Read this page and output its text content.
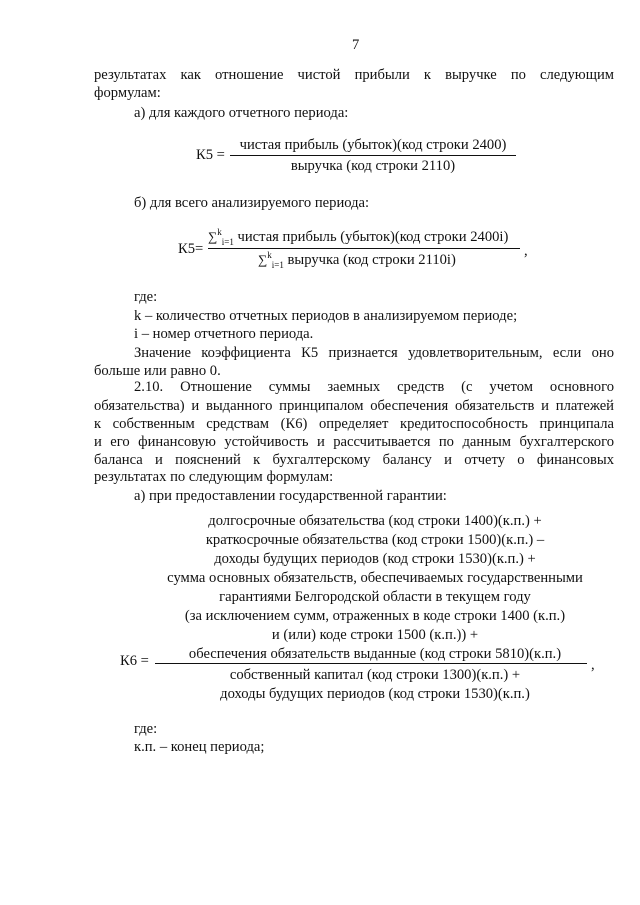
7
результатах как отношение чистой прибыли к выручке по следующим
формулам:
а) для каждого отчетного периода:
К5 =
чистая прибыль (убыток)(код строки 2400)
выручка (код строки 2110)
б) для всего анализируемого периода:
К5=
∑$^k_{i=1}$ чистая прибыль (убыток)(код строки 2400i)
∑$^k_{i=1}$ выручка (код строки 2110i)
,
где:
k – количество отчетных периодов в анализируемом периоде;
i – номер отчетного периода.
Значение коэффициента К5 признается удовлетворительным, если оно
больше или равно 0.
2.10. Отношение суммы заемных средств (с учетом основного
обязательства) и выданного принципалом обеспечения обязательств и платежей
к собственным средствам (К6) определяет кредитоспособность принципала
и его финансовую устойчивость и рассчитывается по данным бухгалтерского
баланса и пояснений к бухгалтерскому балансу и отчету о финансовых
результатах по следующим формулам:
а) при предоставлении государственной гарантии:
К6 =
долгосрочные обязательства (код строки 1400)(к.п.) +
краткосрочные обязательства (код строки 1500)(к.п.) –
доходы будущих периодов (код строки 1530)(к.п.) +
сумма основных обязательств, обеспечиваемых государственными
гарантиями Белгородской области в текущем году
(за исключением сумм, отраженных в коде строки 1400 (к.п.)
и (или) коде строки 1500 (к.п.)) +
обеспечения обязательств выданные (код строки 5810)(к.п.)
,
собственный капитал (код строки 1300)(к.п.) +
доходы будущих периодов (код строки 1530)(к.п.)
где:
к.п. – конец периода;
